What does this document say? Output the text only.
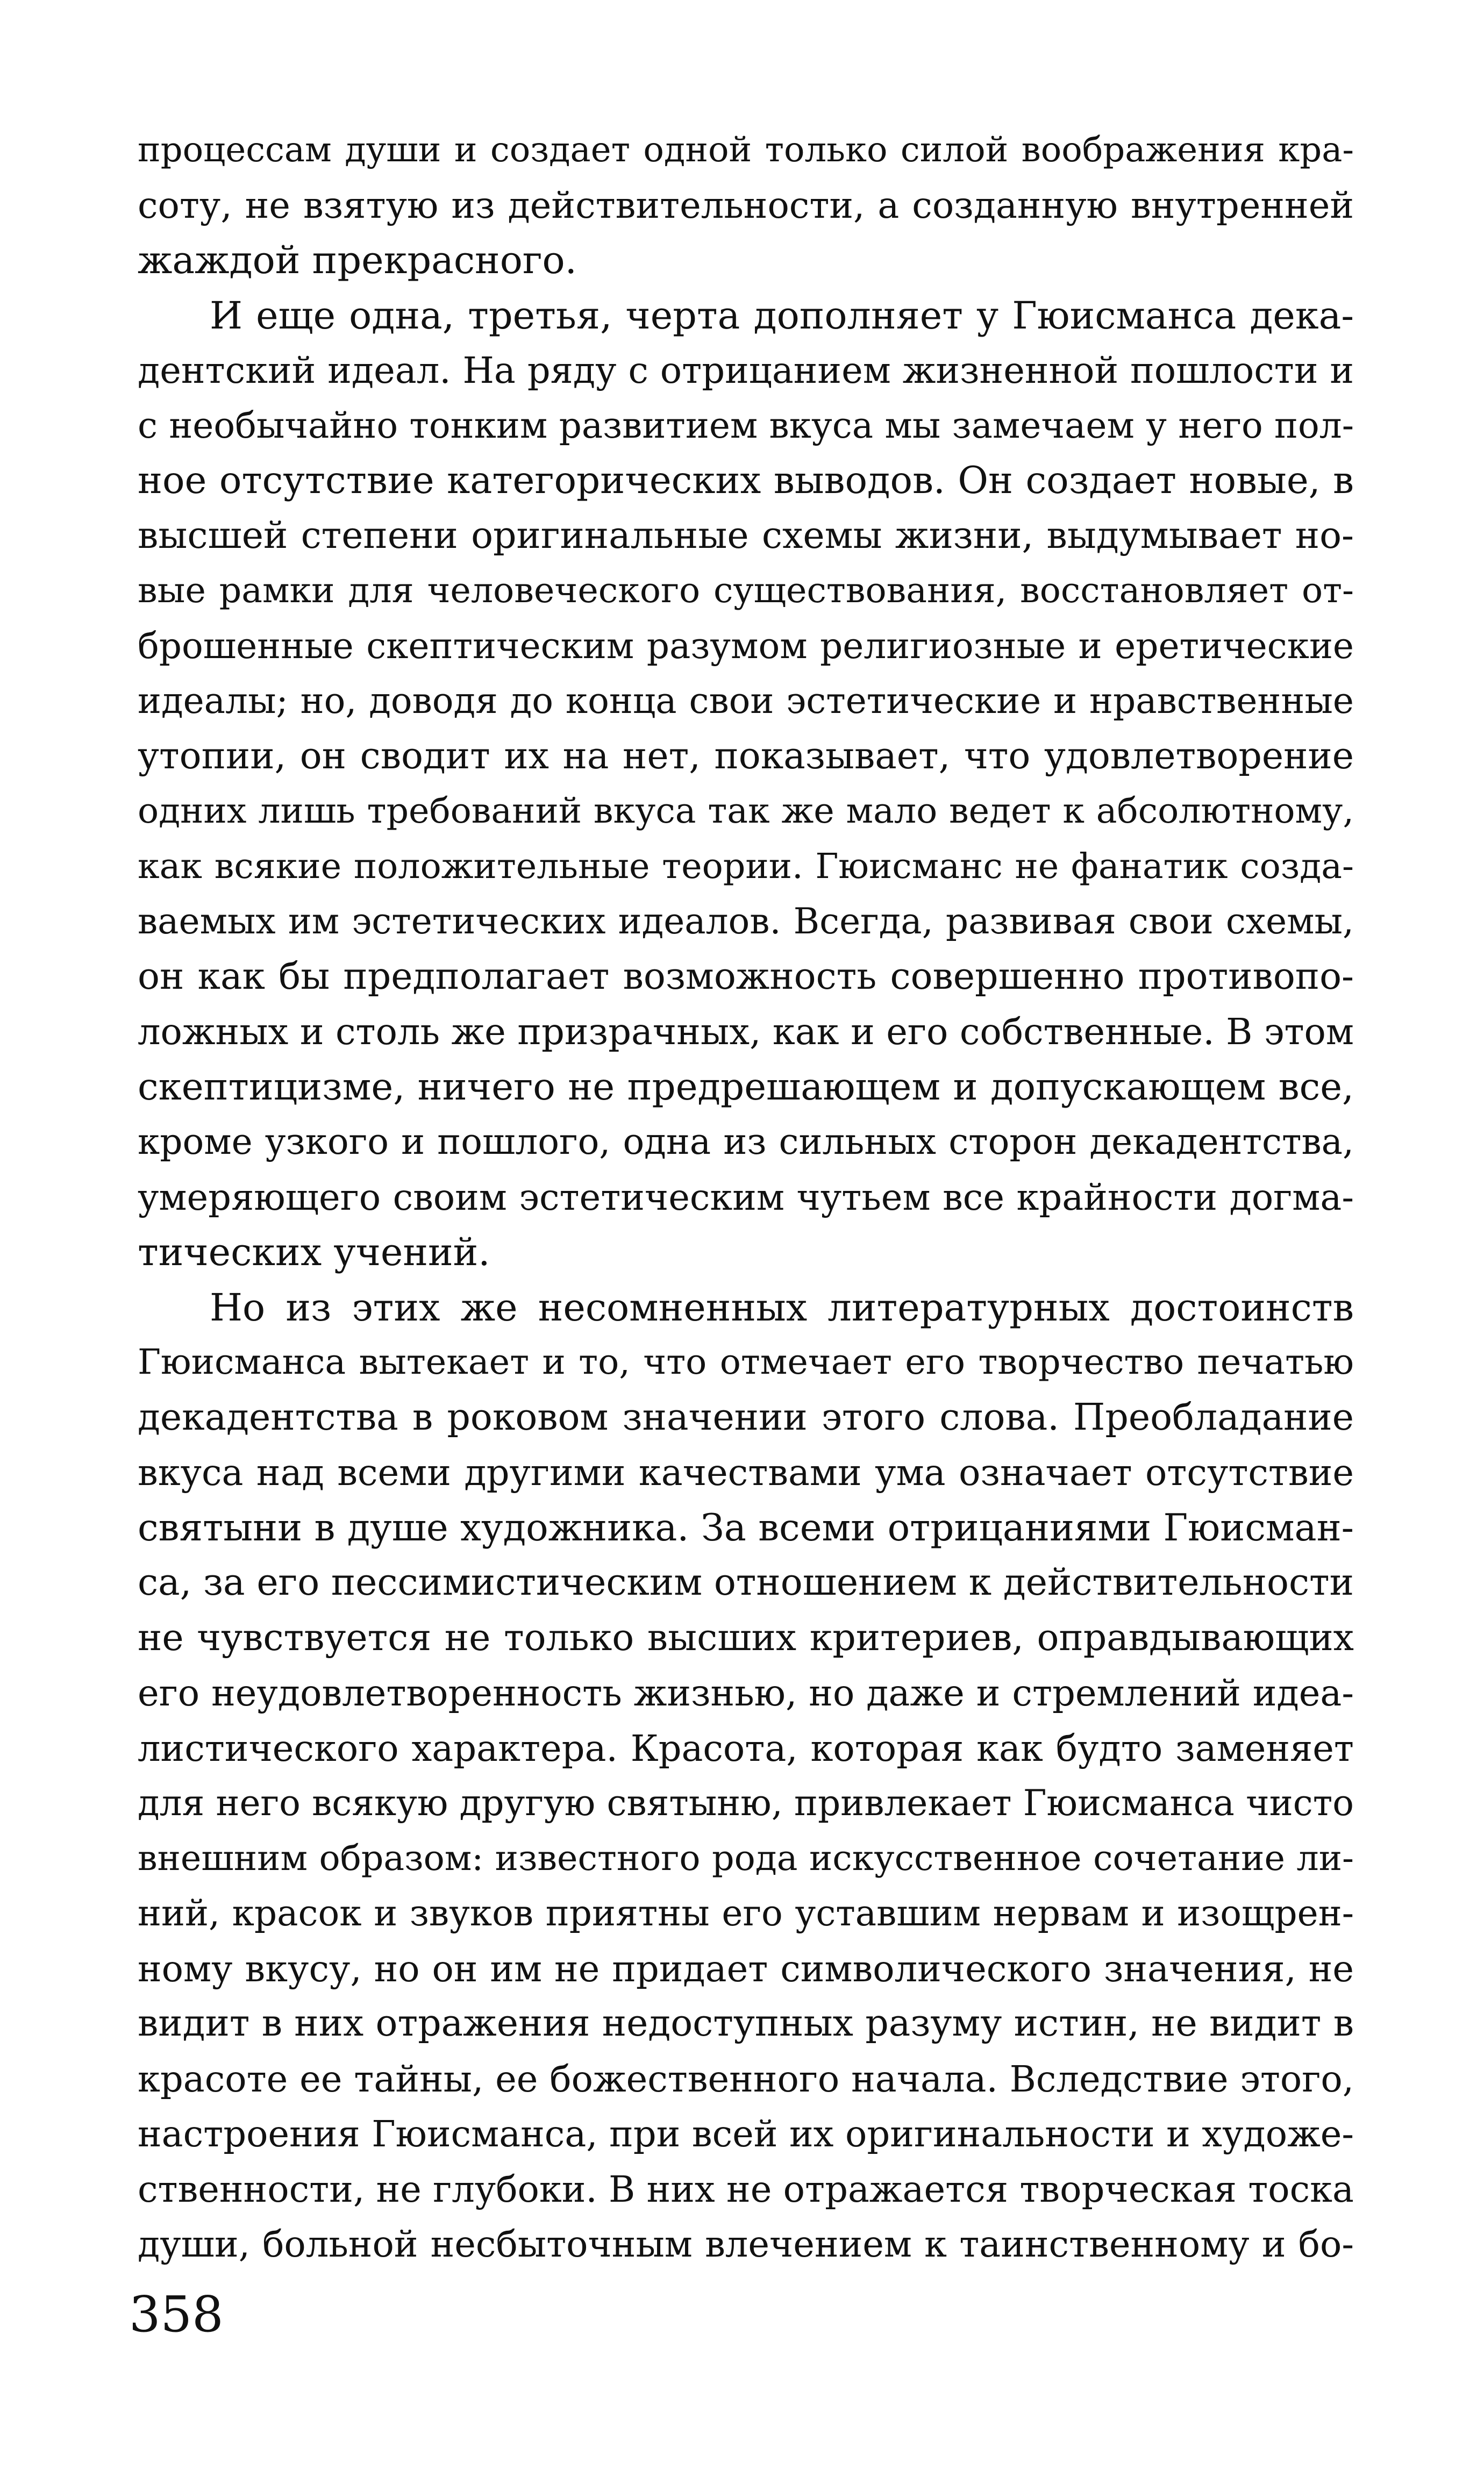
процессам души и создает одной только силой воображения кра-
соту, не взятую из действительности, а созданную внутренней
жаждой прекрасного.
И еще одна, третья, черта дополняет у Гюисманса дека-
дентский идеал. На ряду с отрицанием жизненной пошлости и
с необычайно тонким развитием вкуса мы замечаем у него пол-
ное отсутствие категорических выводов. Он создает новые, в
высшей степени оригинальные схемы жизни, выдумывает но-
вые рамки для человеческого существования, восстановляет от-
брошенные скептическим разумом религиозные и еретические
идеалы; но, доводя до конца свои эстетические и нравственные
утопии, он сводит их на нет, показывает, что удовлетворение
одних лишь требований вкуса так же мало ведет к абсолютному,
как всякие положительные теории. Гюисманс не фанатик созда-
ваемых им эстетических идеалов. Всегда, развивая свои схемы,
он как бы предполагает возможность совершенно противопо-
ложных и столь же призрачных, как и его собственные. В этом
скептицизме, ничего не предрешающем и допускающем все,
кроме узкого и пошлого, одна из сильных сторон декадентства,
умеряющего своим эстетическим чутьем все крайности догма-
тических учений.
Но из этих же несомненных литературных достоинств
Гюисманса вытекает и то, что отмечает его творчество печатью
декадентства в роковом значении этого слова. Преобладание
вкуса над всеми другими качествами ума означает отсутствие
святыни в душе художника. За всеми отрицаниями Гюисман-
са, за его пессимистическим отношением к действительности
не чувствуется не только высших критериев, оправдывающих
его неудовлетворенность жизнью, но даже и стремлений идеа-
листического характера. Красота, которая как будто заменяет
для него всякую другую святыню, привлекает Гюисманса чисто
внешним образом: известного рода искусственное сочетание ли-
ний, красок и звуков приятны его уставшим нервам и изощрен-
ному вкусу, но он им не придает символического значения, не
видит в них отражения недоступных разуму истин, не видит в
красоте ее тайны, ее божественного начала. Вследствие этого,
настроения Гюисманса, при всей их оригинальности и художе-
ственности, не глубоки. В них не отражается творческая тоска
души, больной несбыточным влечением к таинственному и бо-
358
